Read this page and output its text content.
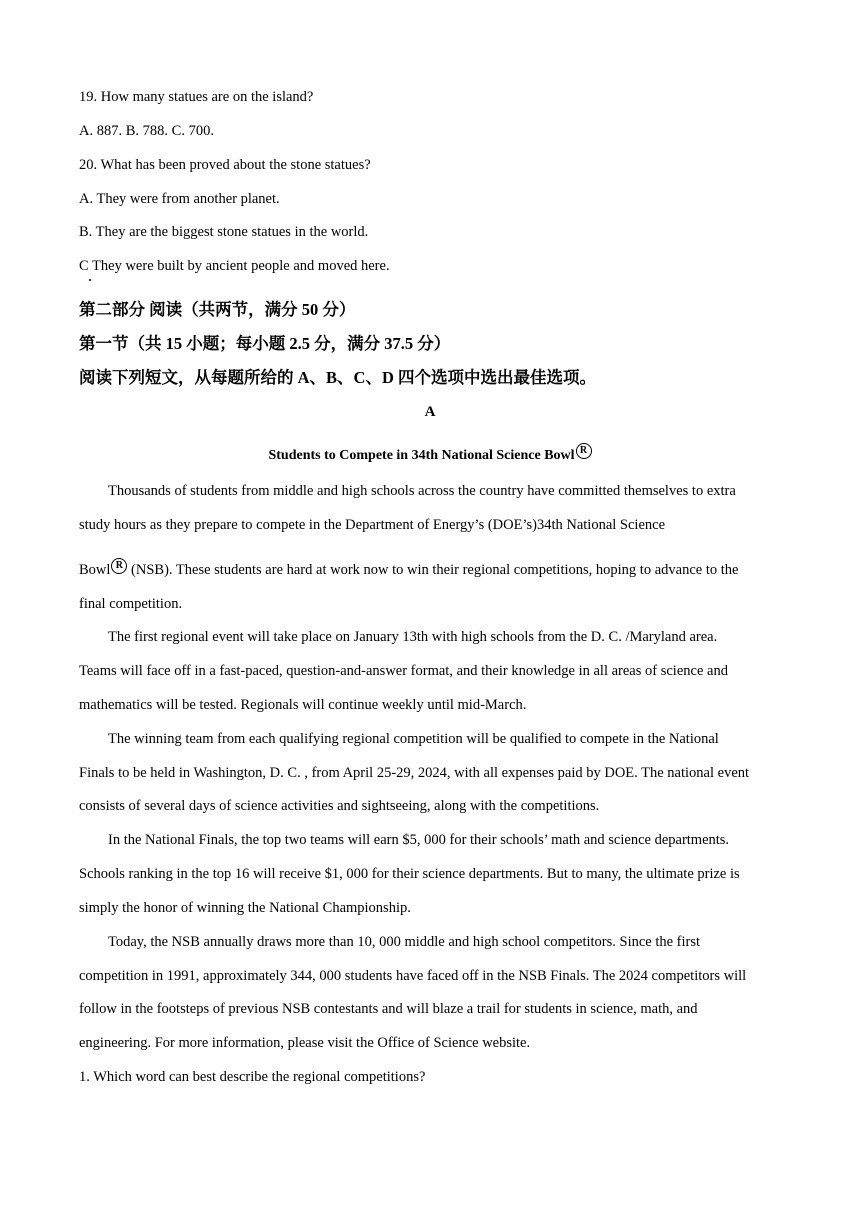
19. How many statues are on the island?
A. 887. B. 788. C. 700.
20. What has been proved about the stone statues?
A. They were from another planet.
B. They are the biggest stone statues in the world.
C They were built by ancient people and moved here.
第二部分 阅读（共两节，满分 50 分）
第一节（共 15 小题；每小题 2.5 分，满分 37.5 分）
阅读下列短文，从每题所给的 A、B、C、D 四个选项中选出最佳选项。
A
Students to Compete in 34th National Science Bowl R
Thousands of students from middle and high schools across the country have committed themselves to extra
study hours as they prepare to compete in the Department of Energy’s (DOE’s)34th National Science
Bowl R (NSB). These students are hard at work now to win their regional competitions, hoping to advance to the
final competition.
The first regional event will take place on January 13th with high schools from the D. C. /Maryland area.
Teams will face off in a fast-paced, question-and-answer format, and their knowledge in all areas of science and
mathematics will be tested. Regionals will continue weekly until mid-March.
The winning team from each qualifying regional competition will be qualified to compete in the National
Finals to be held in Washington, D. C. , from April 25-29, 2024, with all expenses paid by DOE. The national event
consists of several days of science activities and sightseeing, along with the competitions.
In the National Finals, the top two teams will earn $5, 000 for their schools’ math and science departments.
Schools ranking in the top 16 will receive $1, 000 for their science departments. But to many, the ultimate prize is
simply the honor of winning the National Championship.
Today, the NSB annually draws more than 10, 000 middle and high school competitors. Since the first
competition in 1991, approximately 344, 000 students have faced off in the NSB Finals. The 2024 competitors will
follow in the footsteps of previous NSB contestants and will blaze a trail for students in science, math, and
engineering. For more information, please visit the Office of Science website.
1. Which word can best describe the regional competitions?
